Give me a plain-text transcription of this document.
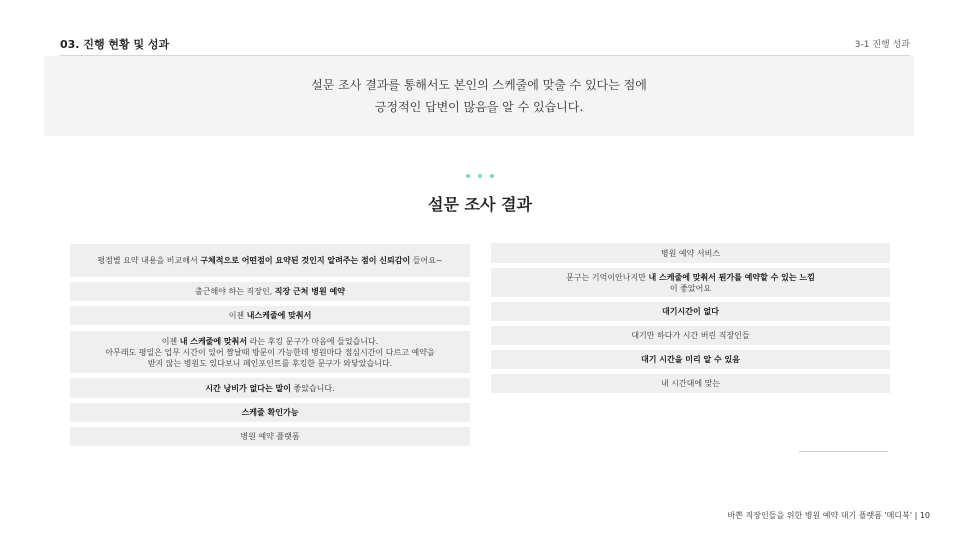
03. 진행 현황 및 성과	3-1 진행 성과
설문 조사 결과를 통해서도 본인의 스케줄에 맞출 수 있다는 점에
긍정적인 답변이 많음을 알 수 있습니다.
설문 조사 결과
평점별 요약 내용을 비교해서 구체적으로 어떤점이 요약된 것인지 알려주는 점이 신뢰감이 들어요~
출근해야 하는 직장인, 직장 근처 병원 예약
이젠 내스케줄에 맞춰서
이젠 내 스케줄에 맞춰서 라는 후킹 문구가 마음에 들었습니다.
아무래도 평일은 업무 시간이 있어 짬날때 방문이 가능한데 병원마다 점심시간이 다르고 예약을
받지 않는 병원도 있다보니 페인포인트를 후킹한 문구가 와닿았습니다.
시간 낭비가 없다는 말이 좋았습니다.
스케줄 확인가능
병원 예약 플랫폼
병원 예약 서비스
문구는 기억이안나지만 내 스케줄에 맞춰서 뭔가를 예약할 수 있는 느낌이 좋았어요
대기시간이 없다
대기만 하다가 시간 버린 직장인들
대기 시간을 미리 알 수 있음
내 시간대에 맞는
바쁜 직장인들을 위한 병원 예약 대기 플랫폼 '메디북' | 10
